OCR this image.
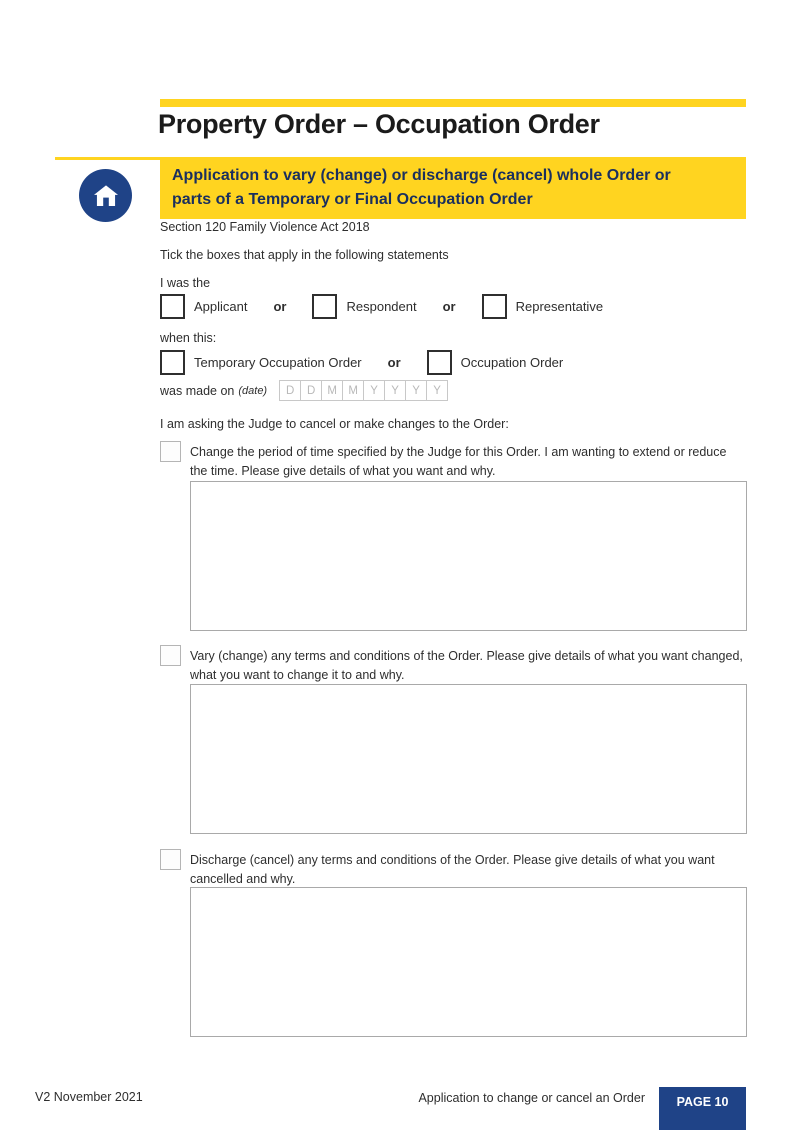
Property Order – Occupation Order
Application to vary (change) or discharge (cancel) whole Order or
parts of a Temporary or Final Occupation Order
Section 120 Family Violence Act 2018
Tick the boxes that apply in the following statements
I was the
Applicant or	Respondent or	Representative
when this:
Temporary Occupation Order or	Occupation Order
was made on (date)	D	D	M M	Y	Y	Y	Y
I am asking the Judge to cancel or make changes to the Order:
Change the period of time specified by the Judge for this Order. I am wanting to extend or reduce the time. Please give details of what you want and why.
Vary (change) any terms and conditions of the Order. Please give details of what you want changed, what you want to change it to and why.
Discharge (cancel) any terms and conditions of the Order. Please give details of what you want cancelled and why.
V2 November 2021	Application to change or cancel an Order	PAGE 10
